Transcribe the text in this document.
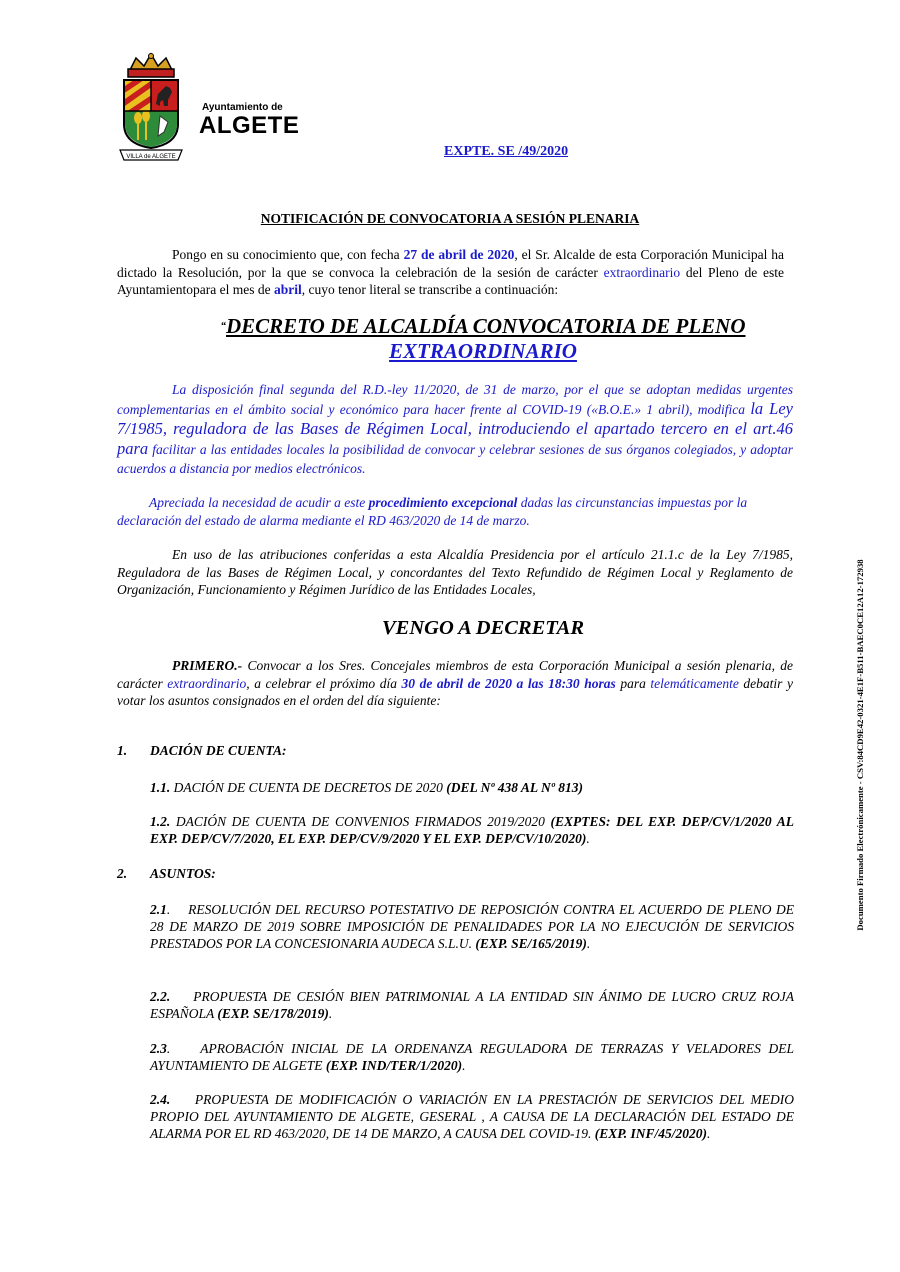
VILLA de ALGETE
Ayuntamiento de
ALGETE
EXPTE. SE /49/2020
NOTIFICACIÓN DE CONVOCATORIA A SESIÓN PLENARIA
Pongo en su conocimiento que, con fecha 27 de abril de 2020, el Sr. Alcalde de esta Corporación Municipal ha dictado la Resolución, por la que se convoca la celebración de la sesión de carácter extraordinario del Pleno de este Ayuntamientopara el mes de abril, cuyo tenor literal se transcribe a continuación:
“DECRETO DE ALCALDÍA CONVOCATORIA DE PLENO
EXTRAORDINARIO
La disposición final segunda del R.D.-ley 11/2020, de 31 de marzo, por el que se adoptan medidas urgentes complementarias en el ámbito social y económico para hacer frente al COVID-19 («B.O.E.» 1 abril), modifica la Ley 7/1985, reguladora de las Bases de Régimen Local, introduciendo el apartado tercero en el art.46 para facilitar a las entidades locales la posibilidad de convocar y celebrar sesiones de sus órganos colegiados, y adoptar acuerdos a distancia por medios electrónicos.
Apreciada la necesidad de acudir a este procedimiento excepcional dadas las circunstancias impuestas por la declaración del estado de alarma mediante el RD 463/2020 de 14 de marzo.
En uso de las atribuciones conferidas a esta Alcaldía Presidencia por el artículo 21.1.c de la Ley 7/1985, Reguladora de las Bases de Régimen Local, y concordantes del Texto Refundido de Régimen Local y Reglamento de Organización, Funcionamiento y Régimen Jurídico de las Entidades Locales,
VENGO A DECRETAR
PRIMERO.- Convocar a los Sres. Concejales miembros de esta Corporación Municipal a sesión plenaria, de carácter extraordinario, a celebrar el próximo día 30 de abril de 2020 a las 18:30 horas para telemáticamente debatir y votar los asuntos consignados en el orden del día siguiente:
1. DACIÓN DE CUENTA:
1.1. DACIÓN DE CUENTA DE DECRETOS DE 2020 (DEL Nº 438 AL Nº 813)
1.2. DACIÓN DE CUENTA DE CONVENIOS FIRMADOS 2019/2020 (EXPTES: DEL EXP. DEP/CV/1/2020 AL EXP. DEP/CV/7/2020, EL EXP. DEP/CV/9/2020 Y EL EXP. DEP/CV/10/2020).
2. ASUNTOS:
2.1.    RESOLUCIÓN DEL RECURSO POTESTATIVO DE REPOSICIÓN CONTRA EL ACUERDO DE PLENO DE 28 DE MARZO DE 2019 SOBRE IMPOSICIÓN DE PENALIDADES POR LA NO EJECUCIÓN DE SERVICIOS PRESTADOS POR LA CONCESIONARIA AUDECA S.L.U. (EXP. SE/165/2019).
2.2.    PROPUESTA DE CESIÓN BIEN PATRIMONIAL A LA ENTIDAD SIN ÁNIMO DE LUCRO CRUZ ROJA ESPAÑOLA (EXP. SE/178/2019).
2.3.    APROBACIÓN INICIAL DE LA ORDENANZA REGULADORA DE TERRAZAS Y VELADORES DEL AYUNTAMIENTO DE ALGETE (EXP. IND/TER/1/2020).
2.4.    PROPUESTA DE MODIFICACIÓN O VARIACIÓN EN LA PRESTACIÓN DE SERVICIOS DEL MEDIO PROPIO DEL AYUNTAMIENTO DE ALGETE, GESERAL , A CAUSA DE LA DECLARACIÓN DEL ESTADO DE ALARMA POR EL RD 463/2020, DE 14 DE MARZO, A CAUSA DEL COVID-19. (EXP. INF/45/2020).
Documento Firmado Electrónicamente - CSV:84CD9E42-0321-4E1F-B511-BAEC0CE12A12-172938
